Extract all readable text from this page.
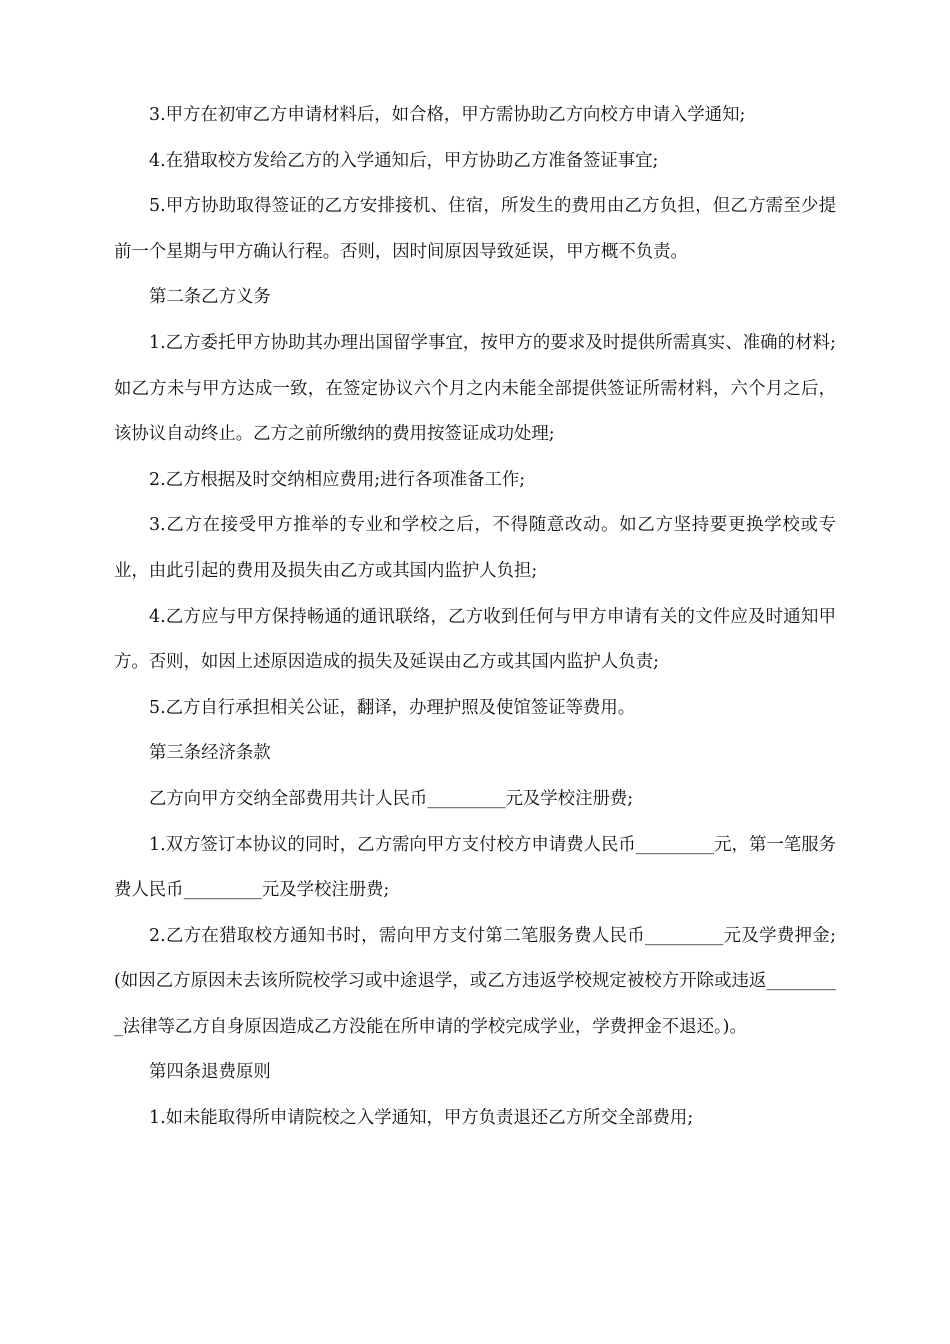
3.甲方在初审乙方申请材料后，如合格，甲方需协助乙方向校方申请入学通知;

4.在猎取校方发给乙方的入学通知后，甲方协助乙方准备签证事宜;

5.甲方协助取得签证的乙方安排接机、住宿，所发生的费用由乙方负担，但乙方需至少提前一个星期与甲方确认行程。否则，因时间原因导致延误，甲方概不负责。

第二条乙方义务

1.乙方委托甲方协助其办理出国留学事宜，按甲方的要求及时提供所需真实、准确的材料;如乙方未与甲方达成一致，在签定协议六个月之内未能全部提供签证所需材料，六个月之后，该协议自动终止。乙方之前所缴纳的费用按签证成功处理;

2.乙方根据及时交纳相应费用;进行各项准备工作;

3.乙方在接受甲方推举的专业和学校之后，不得随意改动。如乙方坚持要更换学校或专业，由此引起的费用及损失由乙方或其国内监护人负担;

4.乙方应与甲方保持畅通的通讯联络，乙方收到任何与甲方申请有关的文件应及时通知甲方。否则，如因上述原因造成的损失及延误由乙方或其国内监护人负责;

5.乙方自行承担相关公证，翻译，办理护照及使馆签证等费用。

第三条经济条款

乙方向甲方交纳全部费用共计人民币_________元及学校注册费;

1.双方签订本协议的同时，乙方需向甲方支付校方申请费人民币_________元，第一笔服务费人民币_________元及学校注册费;

2.乙方在猎取校方通知书时，需向甲方支付第二笔服务费人民币_________元及学费押金;(如因乙方原因未去该所院校学习或中途退学，或乙方违返学校规定被校方开除或违返_________法律等乙方自身原因造成乙方没能在所申请的学校完成学业，学费押金不退还。)。

第四条退费原则

1.如未能取得所申请院校之入学通知，甲方负责退还乙方所交全部费用;
